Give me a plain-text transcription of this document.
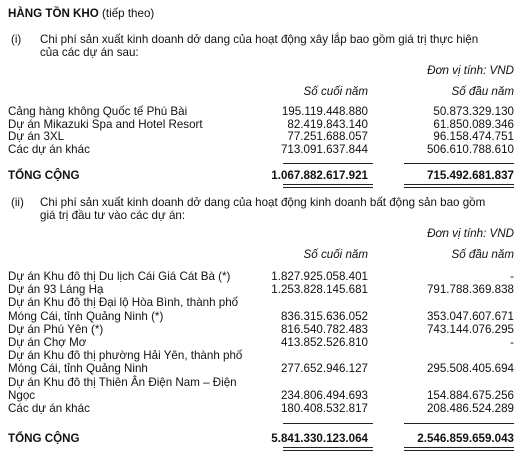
HÀNG TỒN KHO (tiếp theo)
(i) Chi phí sản xuất kinh doanh dở dang của hoạt động xây lắp bao gồm giá trị thực hiện
của các dự án sau:
Đơn vị tính: VND
Số cuối năm	Số đầu năm
Cảng hàng không Quốc tế Phú Bài	195.119.448.880	50.873.329.130
Dự án Mikazuki Spa and Hotel Resort	82.419.843.140	61.850.089.346
Dự án 3XL	77.251.688.057	96.158.474.751
Các dự án khác	713.091.637.844	506.610.788.610
TỔNG CỘNG	1.067.882.617.921	715.492.681.837
(ii) Chi phí sản xuất kinh doanh dở dang của hoạt động kinh doanh bất động sản bao gồm
giá trị đầu tư vào các dự án:
Đơn vị tính: VND
Số cuối năm	Số đầu năm
Dự án Khu đô thị Du lịch Cái Giá Cát Bà (*)	1.827.925.058.401	-
Dự án 93 Láng Hạ	1.253.828.145.681	791.788.369.838
Dự án Khu đô thị Đại lộ Hòa Bình, thành phố
Móng Cái, tỉnh Quảng Ninh (*)	836.315.636.052	353.047.607.671
Dự án Phú Yên (*)	816.540.782.483	743.144.076.295
Dự án Chợ Mơ	413.852.526.810	-
Dự án Khu đô thị phường Hải Yên, thành phố
Móng Cái, tỉnh Quảng Ninh	277.652.946.127	295.508.405.694
Dự án Khu đô thị Thiên Ân Điện Nam – Điện
Ngọc	234.806.494.693	154.884.675.256
Các dự án khác	180.408.532.817	208.486.524.289
TỔNG CỘNG	5.841.330.123.064	2.546.859.659.043
